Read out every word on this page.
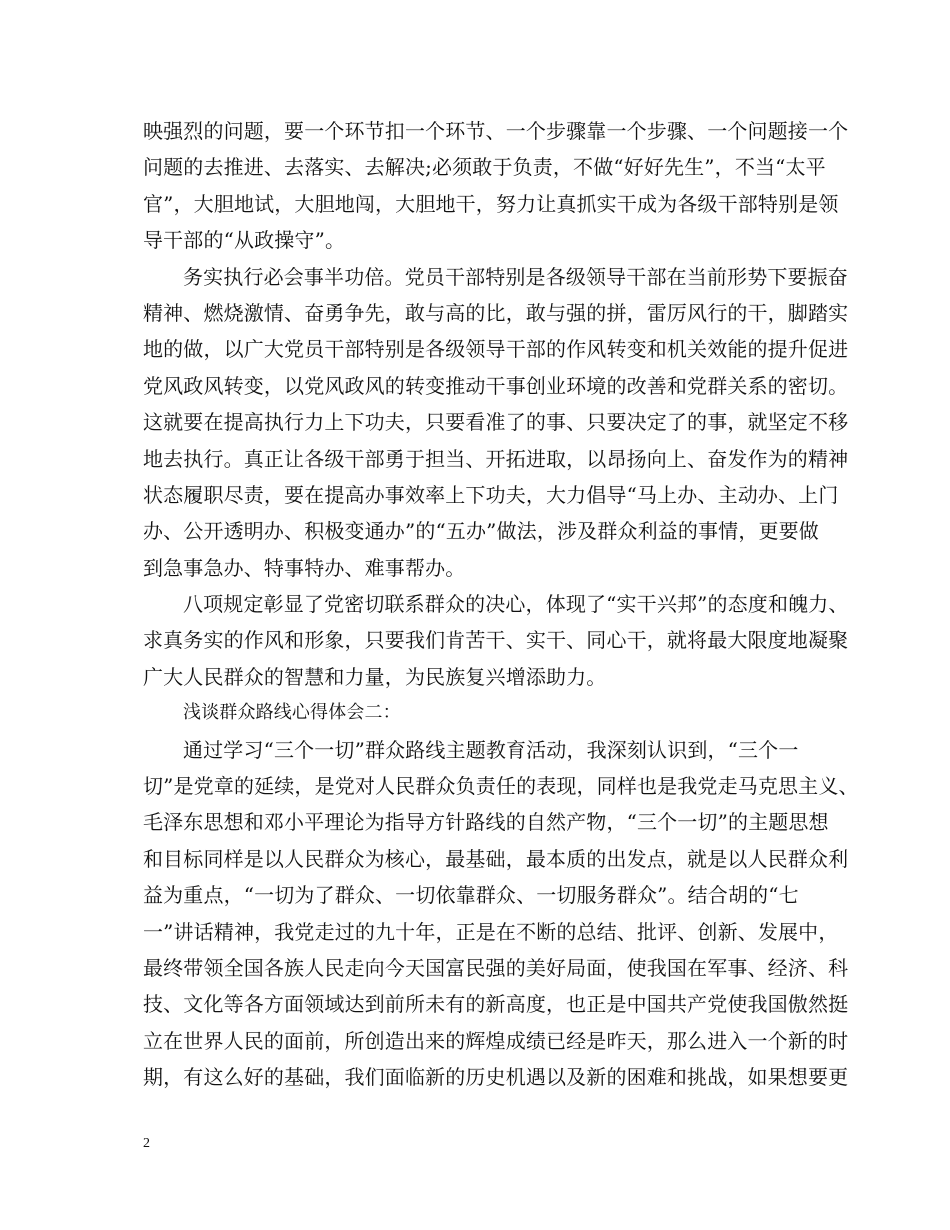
映强烈的问题，要一个环节扣一个环节、一个步骤靠一个步骤、一个问题接一个
问题的去推进、去落实、去解决;必须敢于负责，不做“好好先生”，不当“太平
官”，大胆地试，大胆地闯，大胆地干，努力让真抓实干成为各级干部特别是领
导干部的“从政操守”。
务实执行必会事半功倍。党员干部特别是各级领导干部在当前形势下要振奋
精神、燃烧激情、奋勇争先，敢与高的比，敢与强的拼，雷厉风行的干，脚踏实
地的做，以广大党员干部特别是各级领导干部的作风转变和机关效能的提升促进
党风政风转变，以党风政风的转变推动干事创业环境的改善和党群关系的密切。
这就要在提高执行力上下功夫，只要看准了的事、只要决定了的事，就坚定不移
地去执行。真正让各级干部勇于担当、开拓进取，以昂扬向上、奋发作为的精神
状态履职尽责，要在提高办事效率上下功夫，大力倡导“马上办、主动办、上门
办、公开透明办、积极变通办”的“五办”做法，涉及群众利益的事情，更要做
到急事急办、特事特办、难事帮办。
八项规定彰显了党密切联系群众的决心，体现了“实干兴邦”的态度和魄力、
求真务实的作风和形象，只要我们肯苦干、实干、同心干，就将最大限度地凝聚
广大人民群众的智慧和力量，为民族复兴增添助力。
浅谈群众路线心得体会二：
通过学习“三个一切”群众路线主题教育活动，我深刻认识到，“三个一
切”是党章的延续，是党对人民群众负责任的表现，同样也是我党走马克思主义、
毛泽东思想和邓小平理论为指导方针路线的自然产物，“三个一切”的主题思想
和目标同样是以人民群众为核心，最基础，最本质的出发点，就是以人民群众利
益为重点，“一切为了群众、一切依靠群众、一切服务群众”。结合胡的“七
一”讲话精神，我党走过的九十年，正是在不断的总结、批评、创新、发展中，
最终带领全国各族人民走向今天国富民强的美好局面，使我国在军事、经济、科
技、文化等各方面领域达到前所未有的新高度，也正是中国共产党使我国傲然挺
立在世界人民的面前，所创造出来的辉煌成绩已经是昨天，那么进入一个新的时
期，有这么好的基础，我们面临新的历史机遇以及新的困难和挑战，如果想要更
2
